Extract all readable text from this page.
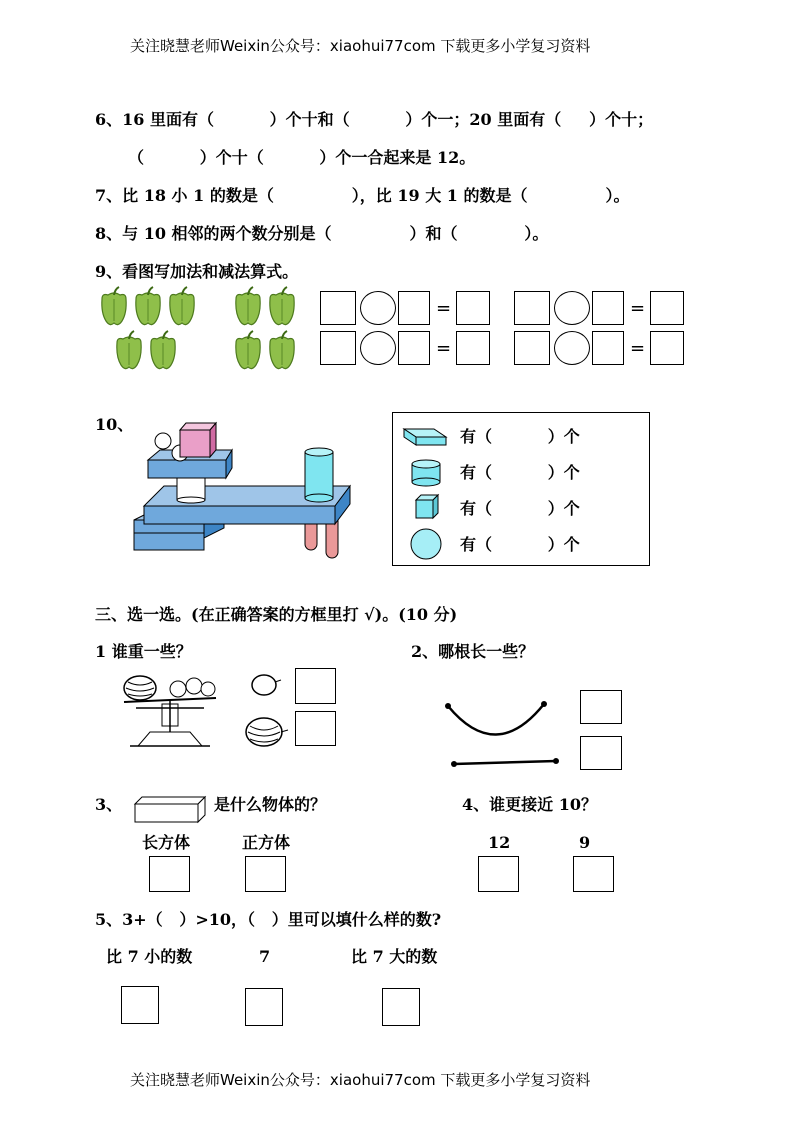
关注晓慧老师Weixin公众号：xiaohui77com 下载更多小学复习资料
6、16 里面有（          ）个十和（          ）个一；20 里面有（     ）个十；
（          ）个十（          ）个一合起来是 12。
7、比 18 小 1 的数是（              ），比 19 大 1 的数是（              ）。
8、与 10 相邻的两个数分别是（              ）和（            ）。
9、看图写加法和减法算式。
=
=
=
=
10、
有（          ）个
有（          ）个
有（          ）个
有（          ）个
三、选一选。(在正确答案的方框里打 √)。(10 分)
1 谁重一些？	2、哪根长一些？
3、	是什么物体的？
长方体	正方体
4、谁更接近 10？
12	9
5、3+（   ）>10，（   ）里可以填什么样的数?
比 7 小的数	7	比 7 大的数
关注晓慧老师Weixin公众号：xiaohui77com 下载更多小学复习资料
